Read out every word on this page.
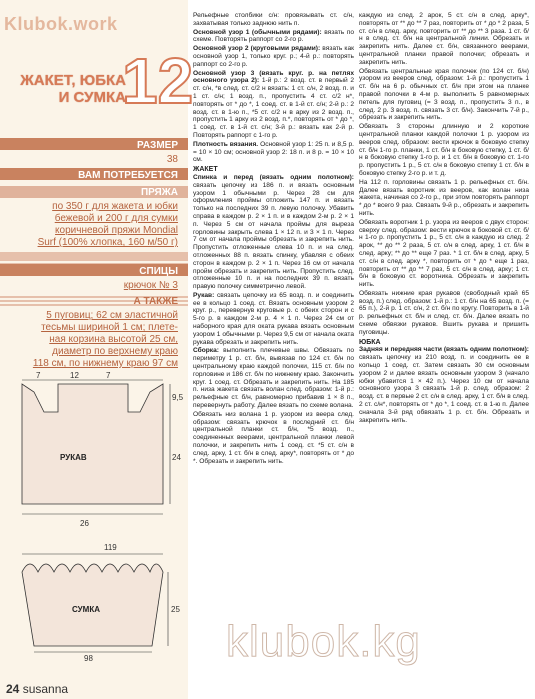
Klubok.work
ЖАКЕТ, ЮБКА
И СУМКА
12
РАЗМЕР
38
ВАМ ПОТРЕБУЕТСЯ
ПРЯЖА
по 350 г для жакета и юбки
бежевой и 200 г для сумки
коричневой пряжи Mondial
Surf (100% хлопка, 160 м/50 г)
СПИЦЫ
крючок № 3
А ТАКЖЕ
5 пуговиц; 62 см эластичной
тесьмы шириной 1 см; плете-
ная корзина высотой 25 см,
диаметр по верхнему краю
118 см, по нижнему краю 97 см
7	12	7
9,5
24
РУКАВ
26
119
25
СУМКА
98

Рельефные столбики с/н: провязывать ст. с/н, захватывая только заднюю нить п.

Основной узор 1 (обычными рядами): вязать по схеме. Повторять раппорт со 2-го р.

Основной узор 2 (круговыми рядами): вязать как основной узор 1, только круг. р.; 4-й р.: повторять раппорт со 2-го р.

Основной узор 3 (вязать круг. р. на петлях основного узора 2): 1-й р.: 2 возд. ст. в первый 2 ст. с/н, *в след. ст. с/2 н вязать: 1 ст. с/н, 2 возд. п. и 1 ст. с/н; 1 возд. п., пропустить 4 ст. с/2 н*, повторять от * до *, 1 соед. ст. в 1-й ст. с/н; 2-й р.: 2 возд. ст. в 1-ю п., *5 ст. с/2 н в арку из 2 возд. п., пропустить 1 арку из 2 возд. п.*, повторять от * до *, 1 соед. ст. в 1-й ст. с/н; 3-й р.: вязать как 2-й р. Повторять раппорт с 1-го р.

Плотность вязания. Основной узор 1: 25 п. и 8,5 р. = 10 × 10 см; основной узор 2: 18 п. и 8 р. = 10 × 10 см.

ЖАКЕТ

Спинка и перед (вязать одним полотном): связать цепочку из 186 п. и вязать основным узором 1 обычными р. Через 28 см для оформления проймы отложить 147 п. и вязать только на последних 39 п. левую полочку. Убавить справа в каждом р. 2 × 1 п. и в каждом 2-м р. 2 × 1 п. Через 5 см от начала проймы для выреза горловины закрыть слева 1 × 12 п. и 3 × 1 п. Через 7 см от начала проймы обрезать и закрепить нить. Пропустить отложенные слева 10 п. и на след. отложенных 88 п. вязать спинку, убавляя с обеих сторон в каждом р. 2 × 1 п. Через 16 см от начала пройм обрезать и закрепить нить. Пропустить след. отложенные 10 п. и на последних 39 п. вязать правую полочку симметрично левой.

Рукав: связать цепочку из 65 возд. п. и соединить ее в кольцо 1 соед. ст. Вязать основным узором 2 круг. р., перевернув круговые р. с обеих сторон и с 5-го р. в каждом 2-м р. 4 × 1 п. Через 24 см от наборного края для оката рукава вязать основным узором 1 обычными р. Через 9,5 см от начала оката рукава обрезать и закрепить нить.

Сборка: выполнить плечевые швы. Обвязать по периметру 1 р. ст. б/н, вывязав по 124 ст. б/н по центральному краю каждой полочки, 115 ст. б/н по горловине и 186 ст. б/н по нижнему краю. Закончить круг. 1 соед. ст. Обрезать и закрепить нить. На 185 п. низа жакета связать волан след. образом: 1-й р.: рельефные ст. б/н, равномерно прибавив 1 × 8 п., перевернуть работу. Далее вязать по схеме волана.

Обвязать низ волана 1 р. узором из веера след. образом: связать крючок в последний ст. б/н центральной планки ст. б/н, *5 возд. п., соединенных веерами, центральной планки левой полочки, и закрепить нить 1 соед. ст. *5 ст. с/н в след. арку, 1 ст. б/н в след. арку*, повторять от * до *. Обрезать и закрепить нить.

каждую из след. 2 арок, 5 ст. с/н в след. арку*, повторять от ** до ** 7 раз, повторить от * до * 2 раза, 5 ст. с/н в след. арку, повторить от ** до ** 3 раза. 1 ст. б/н в след. ст. б/н на центральной линии. Обрезать и закрепить нить. Далее ст. б/н, связанного веерами, центральной планки правой полочки; обрезать и закрепить нить.

Обвязать центральные края полочек (по 124 ст. б/н) узором из вееров след. образом: 1-й р.: пропустить 1 ст. б/н на 6 р. обычных ст. б/н при этом на планке правой полочки в 4-м р. выполнить 5 равномерных петель для пуговиц (= 3 возд. п., пропустить 3 п., в след. 2 р. 3 возд. п. связать 3 ст. б/н). Закончить 7-й р., обрезать и закрепить нить.

Обвязать 3 стороны длинную и 2 короткие центральной планки каждой полочки 1 р. узором из вееров след. образом: вести крючок в боковую степку ст. б/н 1-го р. планки, 1 ст. б/н в боковую степку, 1 ст. б/н в боковую степку 1-го р. и 1 ст. б/н в боковую ст. 1-го р. пропустить 1 р., 5 ст. с/н в боковую степку 1 ст. б/н в боковую степку 2-го р. и т. д.

На 112 п. горловины связать 1 р. рельефных ст. б/н. Далее вязать воротник из вееров, как волан низа жакета, начиная со 2-го р., при этом повторять раппорт * до * всего 9 раз. Связать 9-й р., обрезать и закрепить нить.

Обвязать воротник 1 р. узора из вееров с двух сторон: сверху след. образом: вести крючок в боковой ст. ст. б/н 1-го р. пропустить 1 р., 5 ст. с/н в каждую из след. 2 арок, ** до ** 2 раза, 5 ст. с/н в след. арку, 1 ст. б/н в след. арку; ** до ** еще 7 раз. * 1 ст. б/н в след. арку, 5 ст. с/н в след. арку *, повторить от * до * еще 1 раз, повторить от ** до ** 7 раз, 5 ст. с/н в след. арку; 1 ст. б/н в боковую ст. воротника. Обрезать и закрепить нить.

Обвязать нижние края рукавов (свободный край 65 возд. п.) след. образом: 1-й р.: 1 ст. б/н на 65 возд. п. (= 65 п.), 2-й р. 1 ст. с/н, 2 ст. б/н по кругу. Повторить в 1-й р. рельефных ст. б/н и след. ст. б/н. Далее вязать по схеме обвязки рукавов. Вшить рукава и пришить пуговицы.

ЮБКА

Задняя и передняя части (вязать одним полотном): связать цепочку из 210 возд. п. и соединить ее в кольцо 1 соед. ст. Затем связать 30 см основным узором 2 и далее вязать основным узором 3 (начало юбки убавится 1 × 42 п.). Через 10 см от начала основного узора 3 связать 1-й р. след. образом: 2 возд. ст. в первые 2 ст. с/н в след. арку, 1 ст. б/н в след. 2 ст. с/н*, повторять от * до *, 1 соед. ст. в 1-ю п. Далее сначала 3-й ряд обвязать 1 р. ст. б/н. Обрезать и закрепить нить.

klubok.kg
24 susanna
